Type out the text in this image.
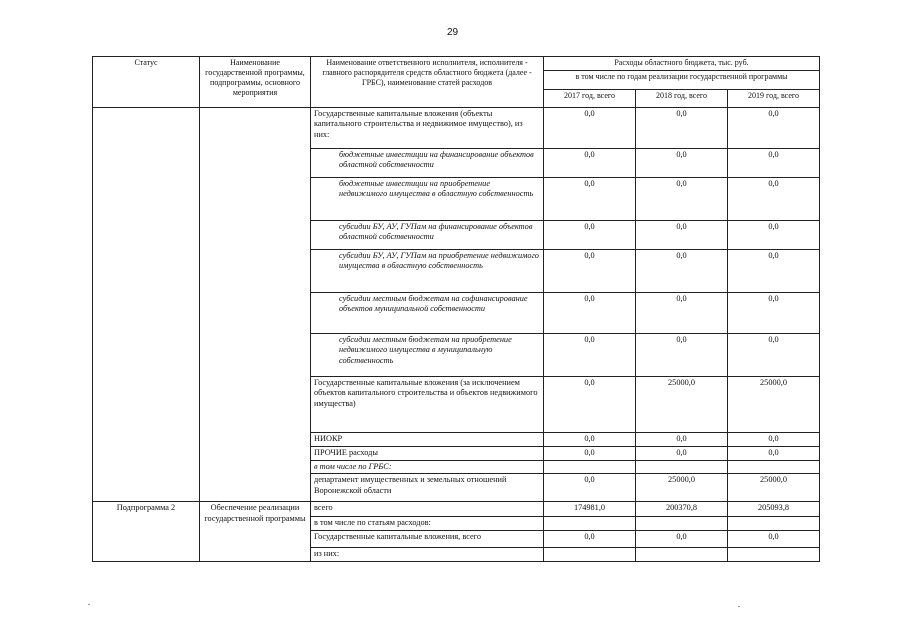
29
Статус	Наименование государственной программы, подпрограммы, основного мероприятия	Наименование ответственного исполнителя, исполнителя - главного распорядителя средств областного бюджета (далее - ГРБС), наименование статей расходов	Расходы областного бюджета, тыс. руб.		
			в том числе по годам реализации государственной программы		
			2017 год, всего	2018 год, всего	2019 год, всего
		Государственные капитальные вложения (объекты капитального строительства и недвижимое имущество), из них:	0,0	0,0	0,0
		бюджетные инвестиции на финансирование объектов областной собственности	0,0	0,0	0,0
		бюджетные инвестиции на приобретение недвижимого имущества в областную собственность	0,0	0,0	0,0
		субсидии БУ, АУ, ГУПам на финансирование объектов областной собственности	0,0	0,0	0,0
		субсидии БУ, АУ, ГУПам на приобретение недвижимого имущества в областную собственность	0,0	0,0	0,0
		субсидии местным бюджетам на софинансирование объектов муниципальной собственности	0,0	0,0	0,0
		субсидии местным бюджетам на приобретение недвижимого имущества в муниципальную собственность	0,0	0,0	0,0
		Государственные капитальные вложения (за исключением объектов капитального строительства и объектов недвижимого имущества)	0,0	25000,0	25000,0
		НИОКР	0,0	0,0	0,0
		ПРОЧИЕ расходы	0,0	0,0	0,0
		в том числе по ГРБС:			
		департамент имущественных и земельных отношений Воронежской области	0,0	25000,0	25000,0
Подпрограмма 2	Обеспечение реализации государственной программы	всего	174981,0	200370,8	205093,8
		в том числе по статьям расходов:			
		Государственные капитальные вложения, всего	0,0	0,0	0,0
		из них:			
